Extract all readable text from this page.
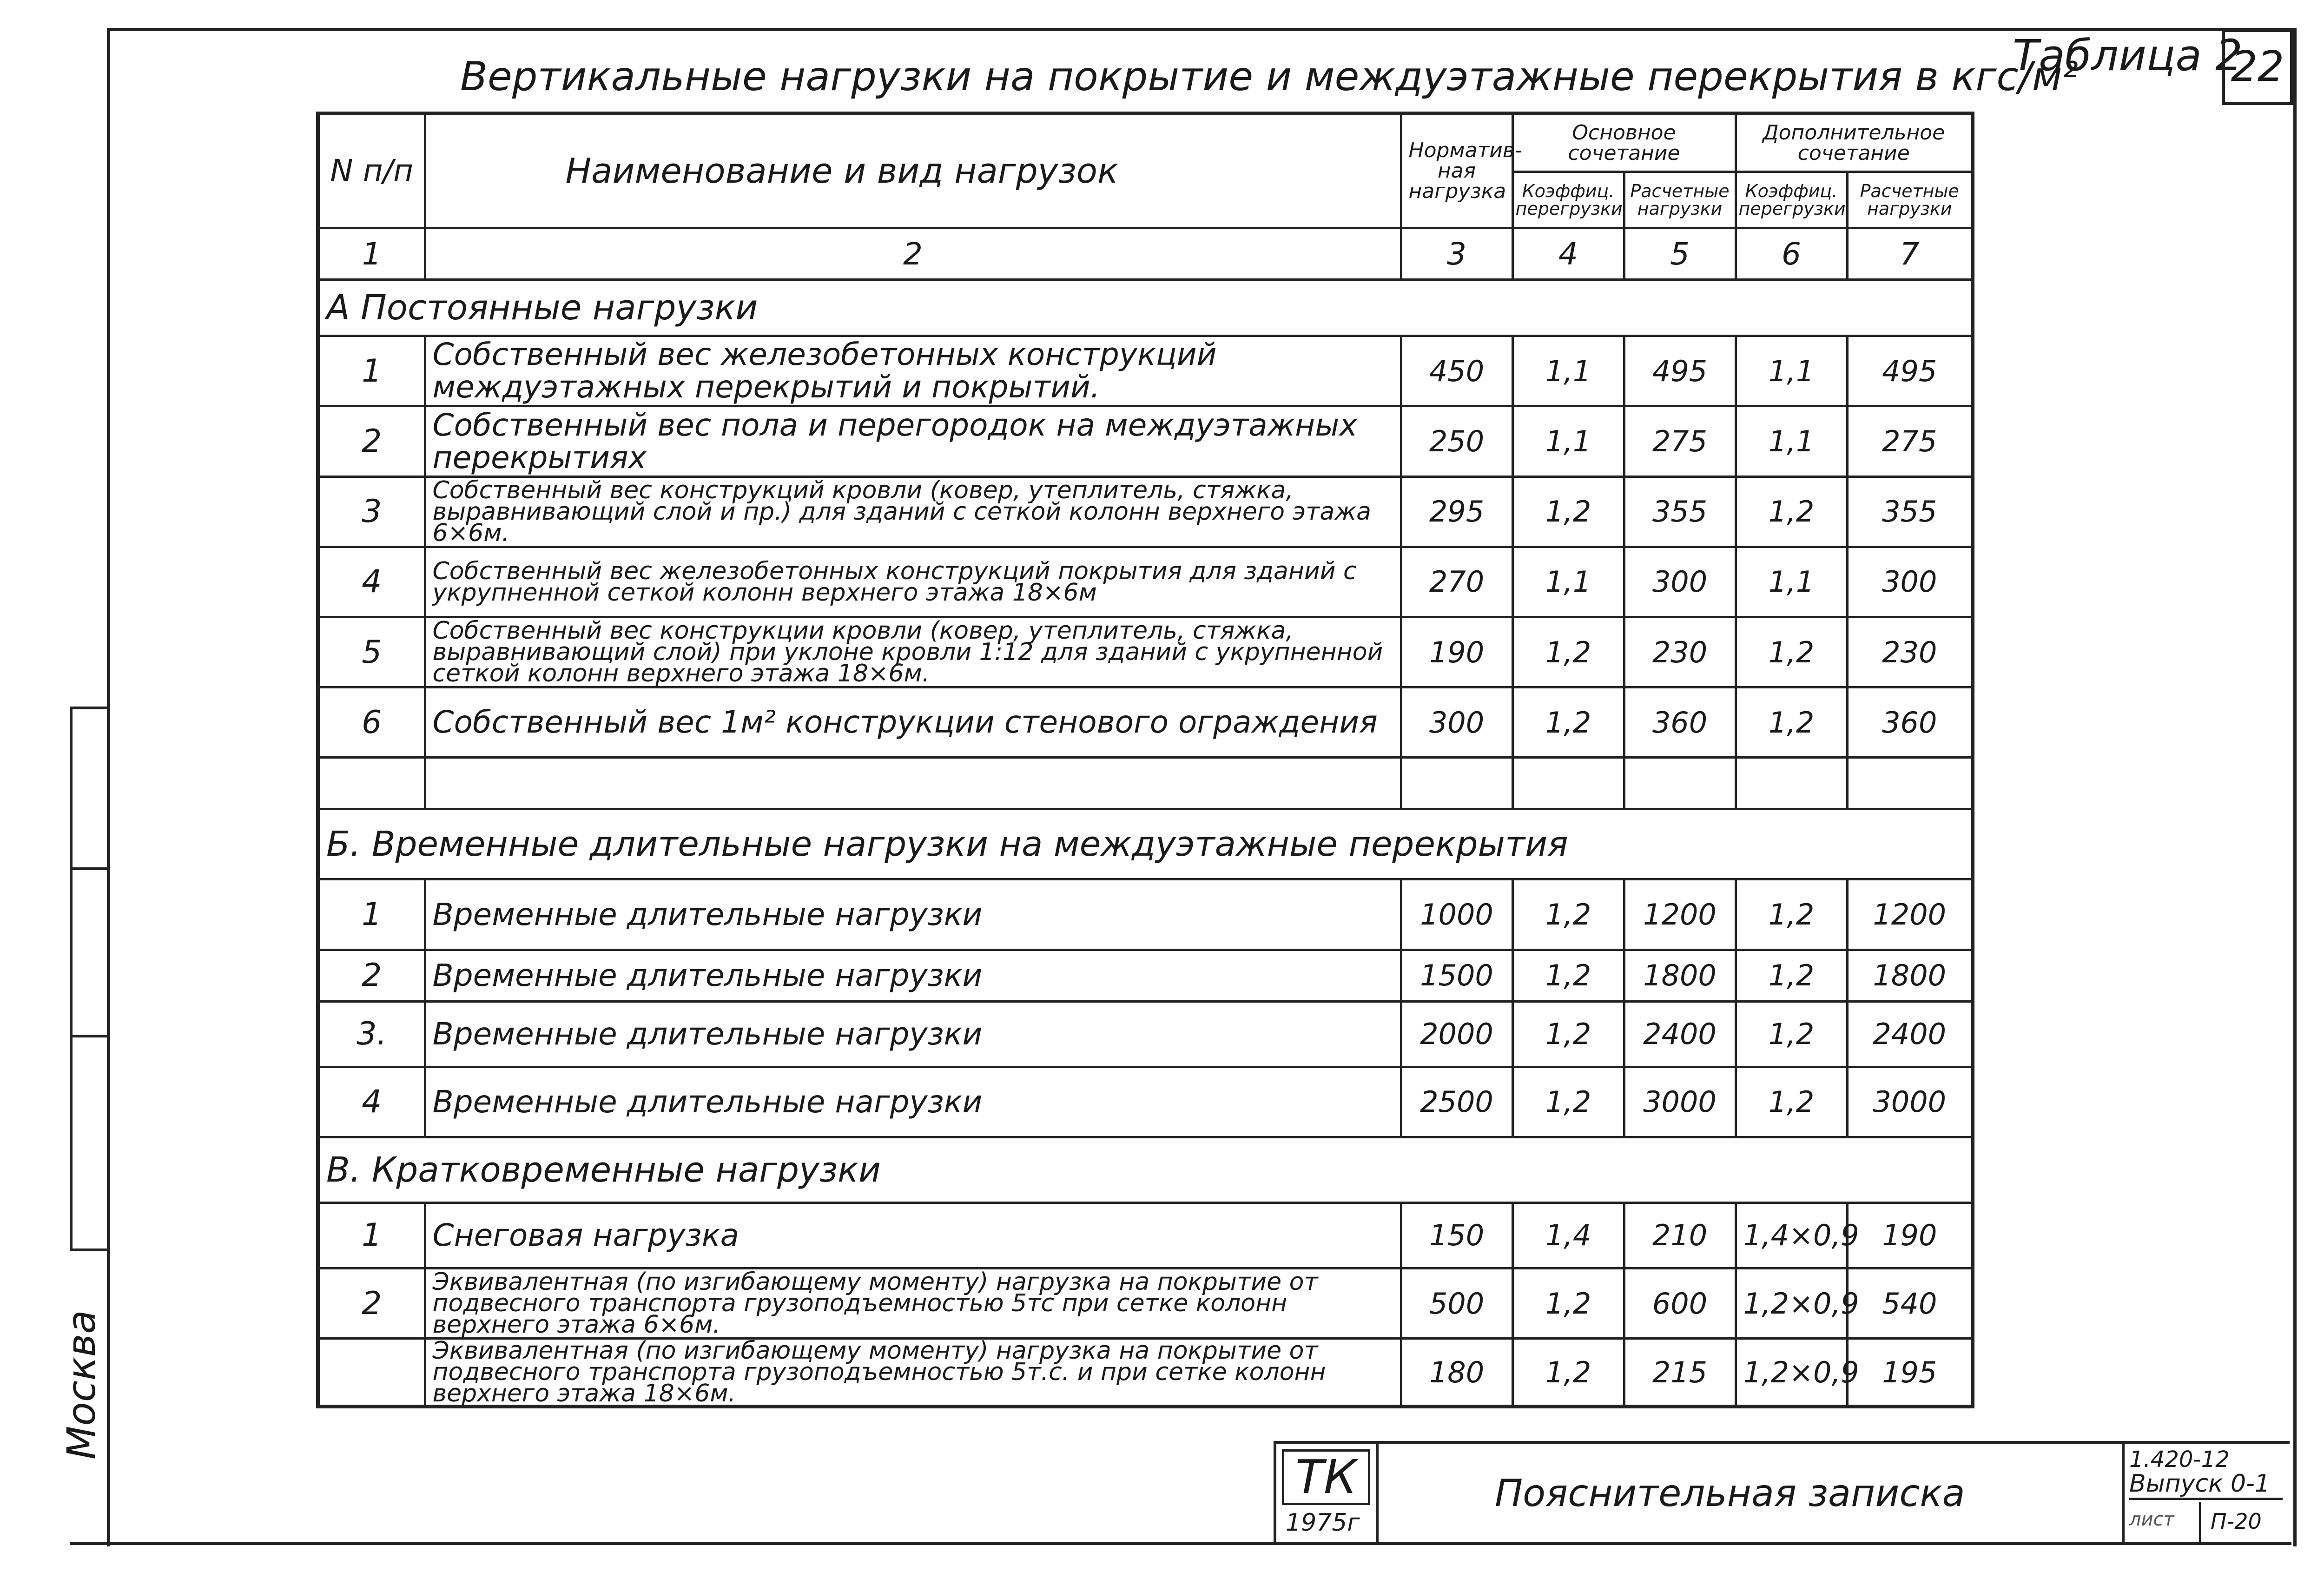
Москва
Вертикальные нагрузки на покрытие и междуэтажные перекрытия в кгс/м²
Таблица 2
22
N п/п	Наименование и вид нагрузок	Норматив- ная нагрузка	Основное сочетание		Дополнительное сочетание	
			Коэффиц. перегрузки	Расчетные нагрузки	Коэффиц. перегрузки	Расчетные нагрузки
1	2	3	4	5	6	7
А Постоянные нагрузки						
1	Собственный вес железобетонных конструкций междуэтажных перекрытий и покрытий.	450	1,1	495	1,1	495
2	Собственный вес пола и перегородок на междуэтажных перекрытиях	250	1,1	275	1,1	275
3	Собственный вес конструкций кровли (ковер, утеплитель, стяжка, выравнивающий слой и пр.) для зданий с сеткой колонн верхнего этажа 6×6м.	295	1,2	355	1,2	355
4	Собственный вес железобетонных конструкций покрытия для зданий с укрупненной сеткой колонн верхнего этажа 18×6м	270	1,1	300	1,1	300
5	Собственный вес конструкции кровли (ковер, утеплитель, стяжка, выравнивающий слой) при уклоне кровли 1:12 для зданий с укрупненной сеткой колонн верхнего этажа 18×6м.	190	1,2	230	1,2	230
6	Собственный вес 1м² конструкции стенового ограждения	300	1,2	360	1,2	360

Б. Временные длительные нагрузки на междуэтажные перекрытия						
1	Временные длительные нагрузки	1000	1,2	1200	1,2	1200
2	Временные длительные нагрузки	1500	1,2	1800	1,2	1800
3.	Временные длительные нагрузки	2000	1,2	2400	1,2	2400
4	Временные длительные нагрузки	2500	1,2	3000	1,2	3000
В. Кратковременные нагрузки						
1	Снеговая нагрузка	150	1,4	210	1,4×0,9	190
2	Эквивалентная (по изгибающему моменту) нагрузка на покрытие от подвесного транспорта грузоподъемностью 5тс при сетке колонн верхнего этажа 6×6м.	500	1,2	600	1,2×0,9	540
	Эквивалентная (по изгибающему моменту) нагрузка на покрытие от подвесного транспорта грузоподъемностью 5т.с. и при сетке колонн верхнего этажа 18×6м.	180	1,2	215	1,2×0,9	195
ТК
1975г
Пояснительная записка
1.420-12
Выпуск 0-1
лист П-20
